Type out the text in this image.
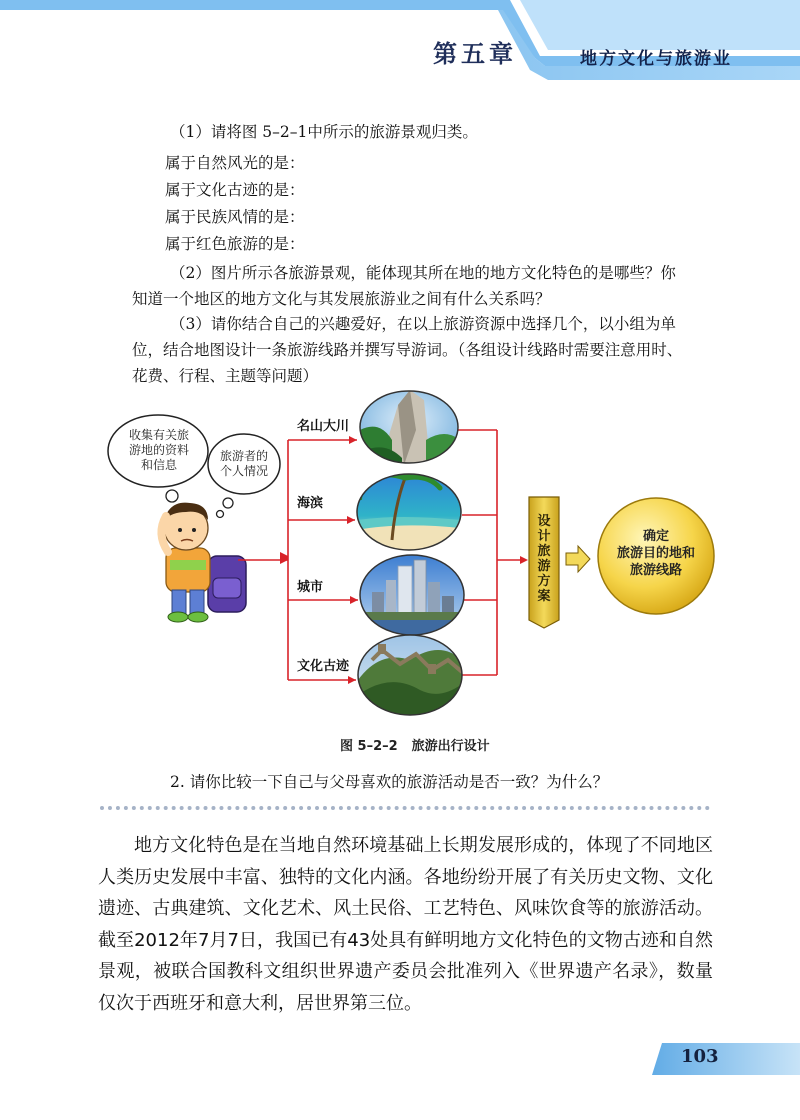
第五章	地方文化与旅游业
（1）请将图 5–2–1中所示的旅游景观归类。
属于自然风光的是：
属于文化古迹的是：
属于民族风情的是：
属于红色旅游的是：
（2）图片所示各旅游景观，能体现其所在地的地方文化特色的是哪些？你知道一个地区的地方文化与其发展旅游业之间有什么关系吗？
（3）请你结合自己的兴趣爱好，在以上旅游资源中选择几个，以小组为单位，结合地图设计一条旅游线路并撰写导游词。（各组设计线路时需要注意用时、花费、行程、主题等问题）
收集有关旅
游地的资料
和信息
旅游者的
个人情况
名山大川
海滨
城市
文化古迹
设计旅游方案
确定
旅游目的地和
旅游线路
图 5–2–2 旅游出行设计
2. 请你比较一下自己与父母喜欢的旅游活动是否一致？为什么？
地方文化特色是在当地自然环境基础上长期发展形成的，体现了不同地区人类历史发展中丰富、独特的文化内涵。各地纷纷开展了有关历史文物、文化遗迹、古典建筑、文化艺术、风土民俗、工艺特色、风味饮食等的旅游活动。截至2012年7月7日，我国已有43处具有鲜明地方文化特色的文物古迹和自然景观，被联合国教科文组织世界遗产委员会批准列入《世界遗产名录》，数量仅次于西班牙和意大利，居世界第三位。
103
